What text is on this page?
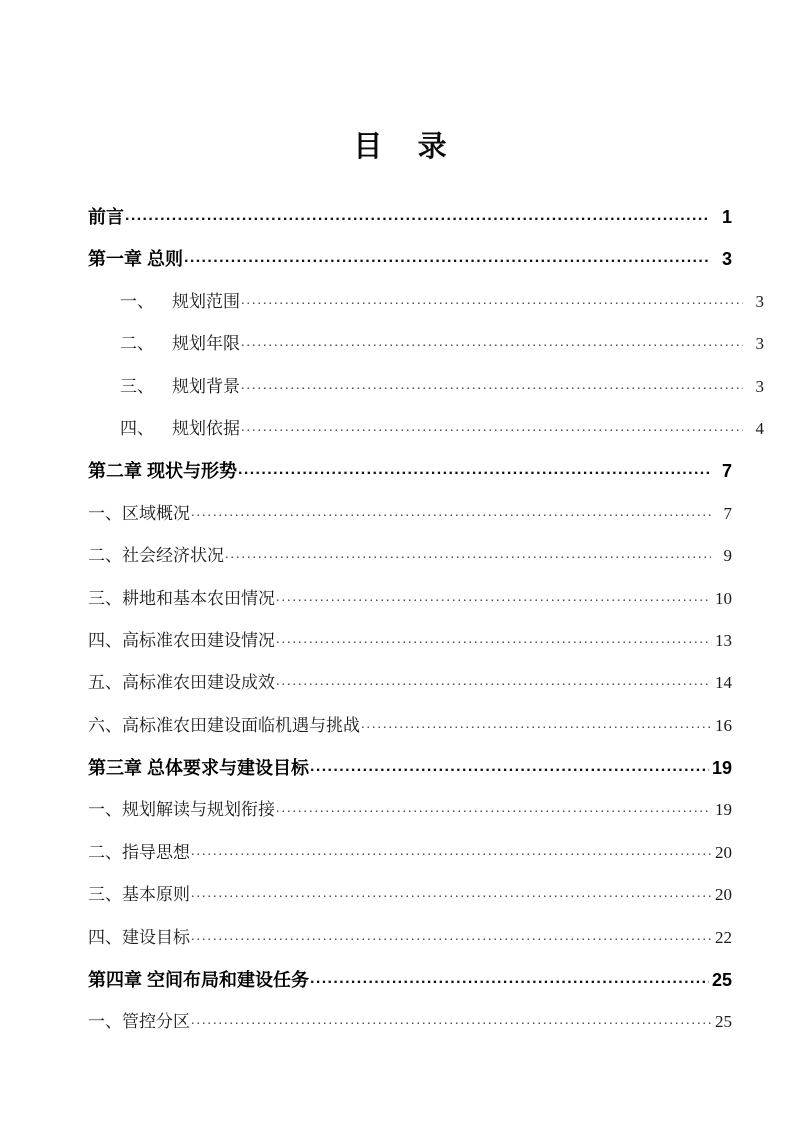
目 录
前言 .....	1
第一章 总则 .....	3
一、 规划范围 .....	3
二、 规划年限 .....	3
三、 规划背景 .....	3
四、 规划依据 .....	4
第二章 现状与形势 .....	7
一、区域概况 .....	7
二、社会经济状况 .....	9
三、耕地和基本农田情况 .....	10
四、高标准农田建设情况 .....	13
五、高标准农田建设成效 .....	14
六、高标准农田建设面临机遇与挑战 .....	16
第三章 总体要求与建设目标 .....	19
一、规划解读与规划衔接 .....	19
二、指导思想 .....	20
三、基本原则 .....	20
四、建设目标 .....	22
第四章 空间布局和建设任务 .....	25
一、管控分区 .....	25
